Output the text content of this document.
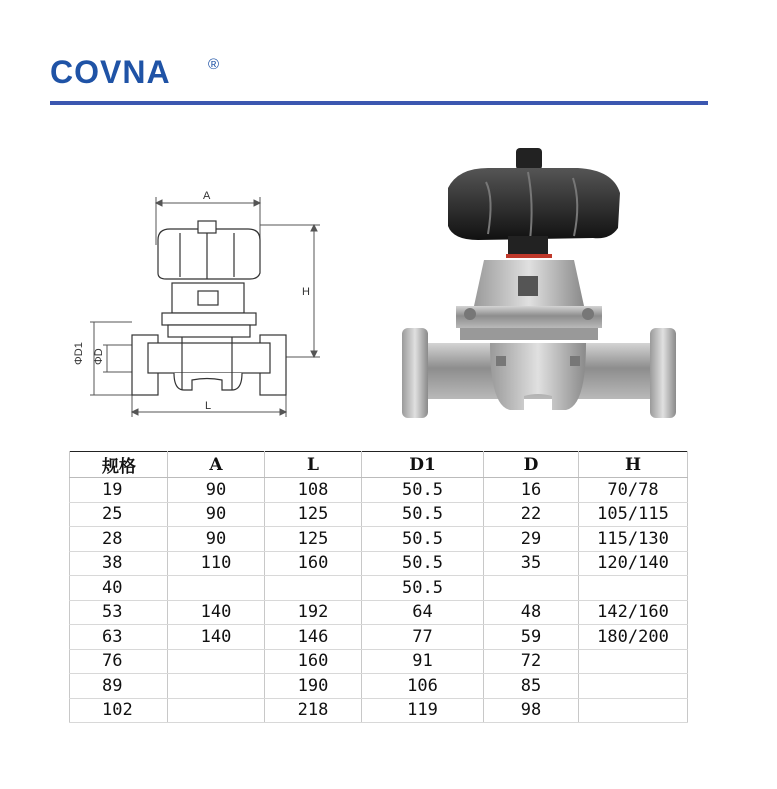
COVNA ®
A
H
L
ΦD1 ΦD
规格	A	L	D1	D	H
19	90	108	50.5	16	70/78
25	90	125	50.5	22	105/115
28	90	125	50.5	29	115/130
38	110	160	50.5	35	120/140
40			50.5		
53	140	192	64	48	142/160
63	140	146	77	59	180/200
76		160	91	72	
89		190	106	85	
102		218	119	98	
